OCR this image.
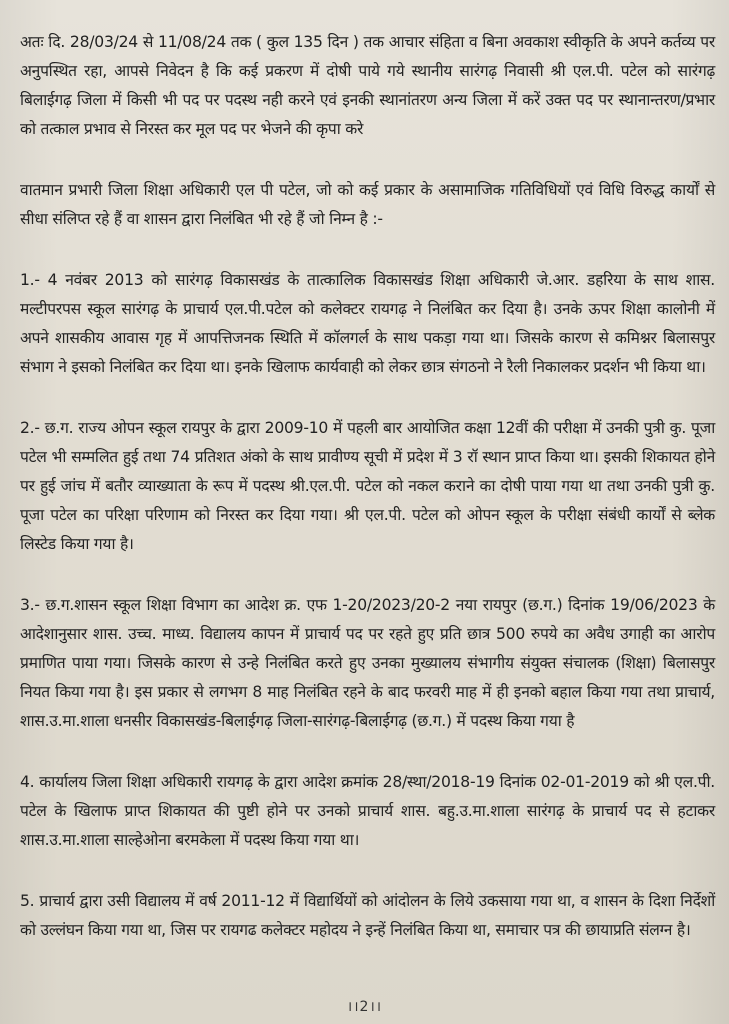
अतः दि. 28/03/24 से 11/08/24 तक ( कुल 135 दिन ) तक आचार संहिता व बिना अवकाश स्वीकृति के अपने कर्तव्य पर अनुपस्थित रहा, आपसे निवेदन है कि कई प्रकरण में दोषी पाये गये स्थानीय सारंगढ़ निवासी श्री एल.पी. पटेल को सारंगढ़ बिलाईगढ़ जिला में किसी भी पद पर पदस्थ नही करने एवं इनकी स्थानांतरण अन्य जिला में करें उक्त पद पर स्थानान्तरण/प्रभार को तत्काल प्रभाव से निरस्त कर मूल पद पर भेजने की कृपा करे

वातमान प्रभारी जिला शिक्षा अधिकारी एल पी पटेल, जो को कई प्रकार के असामाजिक गतिविधियों एवं विधि विरुद्ध कार्यों से सीधा संलिप्त रहे हैं वा शासन द्वारा निलंबित भी रहे हैं जो निम्न है :-

1.- 4 नवंबर 2013 को सारंगढ़ विकासखंड के तात्कालिक विकासखंड शिक्षा अधिकारी जे.आर. डहरिया के साथ शास. मल्टीपरपस स्कूल सारंगढ़ के प्राचार्य एल.पी.पटेल को कलेक्टर रायगढ़ ने निलंबित कर दिया है। उनके ऊपर शिक्षा कालोनी में अपने शासकीय आवास गृह में आपत्तिजनक स्थिति में कॉलगर्ल के साथ पकड़ा गया था। जिसके कारण से कमिश्नर बिलासपुर संभाग ने इसको निलंबित कर दिया था। इनके खिलाफ कार्यवाही को लेकर छात्र संगठनो ने रैली निकालकर प्रदर्शन भी किया था।

2.- छ.ग. राज्य ओपन स्कूल रायपुर के द्वारा 2009-10 में पहली बार आयोजित कक्षा 12वीं की परीक्षा में उनकी पुत्री कु. पूजा पटेल भी सम्मलित हुई तथा 74 प्रतिशत अंको के साथ प्रावीण्य सूची में प्रदेश में 3 रॉ स्थान प्राप्त किया था। इसकी शिकायत होने पर हुई जांच में बतौर व्याख्याता के रूप में पदस्थ श्री.एल.पी. पटेल को नकल कराने का दोषी पाया गया था तथा उनकी पुत्री कु. पूजा पटेल का परिक्षा परिणाम को निरस्त कर दिया गया। श्री एल.पी. पटेल को ओपन स्कूल के परीक्षा संबंधी कार्यों से ब्लेक लिस्टेड किया गया है।

3.- छ.ग.शासन स्कूल शिक्षा विभाग का आदेश क्र. एफ 1-20/2023/20-2 नया रायपुर (छ.ग.) दिनांक 19/06/2023 के आदेशानुसार शास. उच्च. माध्य. विद्यालय कापन में प्राचार्य पद पर रहते हुए प्रति छात्र 500 रुपये का अवैध उगाही का आरोप प्रमाणित पाया गया। जिसके कारण से उन्हे निलंबित करते हुए उनका मुख्यालय संभागीय संयुक्त संचालक (शिक्षा) बिलासपुर नियत किया गया है। इस प्रकार से लगभग 8 माह निलंबित रहने के बाद फरवरी माह में ही इनको बहाल किया गया तथा प्राचार्य, शास.उ.मा.शाला धनसीर विकासखंड-बिलाईगढ़ जिला-सारंगढ़-बिलाईगढ़ (छ.ग.) में पदस्थ किया गया है

4. कार्यालय जिला शिक्षा अधिकारी रायगढ़ के द्वारा आदेश क्रमांक 28/स्था/2018-19 दिनांक 02-01-2019 को श्री एल.पी. पटेल के खिलाफ प्राप्त शिकायत की पुष्टी होने पर उनको प्राचार्य शास. बहु.उ.मा.शाला सारंगढ़ के प्राचार्य पद से हटाकर शास.उ.मा.शाला साल्हेओना बरमकेला में पदस्थ किया गया था।

5. प्राचार्य द्वारा उसी विद्यालय में वर्ष 2011-12 में विद्यार्थियों को आंदोलन के लिये उकसाया गया था, व शासन के दिशा निर्देशों को उल्लंघन किया गया था, जिस पर रायगढ कलेक्टर महोदय ने इन्हें निलंबित किया था, समाचार पत्र की छायाप्रति संलग्न है।

।।2।।
